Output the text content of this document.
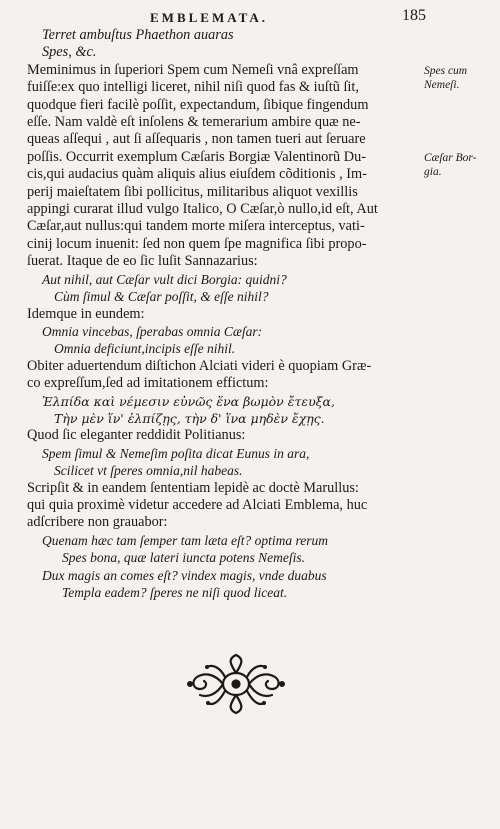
EMBLEMATA.	185
Terret ambuſtus Phaethon auaras
Spes, &c.
Meminimus in ſuperiori Spem cum Nemeſi vnâ expreſſam
fuiſſe:ex quo intelligi liceret, nihil niſi quod fas & iuſtũ ſit,
quodque fieri facilè poſſit, expectandum, ſibique fingendum
eſſe. Nam valdè eſt inſolens & temerarium ambire quæ ne-
queas aſſequi , aut ſi aſſequaris , non tamen tueri aut ſeruare
poſſis. Occurrit exemplum Cæſaris Borgiæ Valentinorũ Du-
cis,qui audacius quàm aliquis alius eiuſdem cõditionis , Im-
perij maieſtatem ſibi pollicitus, militaribus aliquot vexillis
appingi curarat illud vulgo Italico, O Cæſar,ò nullo,id eſt, Aut
Cæſar,aut nullus:qui tandem morte miſera interceptus, vati-
cinij locum inuenit: ſed non quem ſpe magnifica ſibi propo-
ſuerat. Itaque de eo ſic luſit Sannazarius:
Aut nihil, aut Cæſar vult dici Borgia: quidni?
Cùm ſimul & Cæſar poſſit, & eſſe nihil?
Idemque in eundem:
Omnia vincebas, ſperabas omnia Cæſar:
Omnia deficiunt,incipis eſſe nihil.
Obiter aduertendum diſtichon Alciati videri è quopiam Græ-
co expreſſum,ſed ad imitationem effictum:
Ἐλπίδα καὶ νέμεσιν εὐνῶς ἕνα βωμὸν ἔτευξα,
Τὴν μὲν ἵν' ἐλπίζῃς, τὴν δ' ἵνα μηδὲν ἔχῃς.
Quod ſic eleganter reddidit Politianus:
Spem ſimul & Nemeſim poſita dicat Eunus in ara,
Scilicet vt ſperes omnia,nil habeas.
Scripſit & in eandem ſententiam lepidè ac doctè Marullus:
qui quia proximè videtur accedere ad Alciati Emblema, huc
adſcribere non grauabor:
Quenam hæc tam ſemper tam læta eſt? optima rerum
Spes bona, quæ lateri iuncta potens Nemeſis.
Dux magis an comes eſt? vindex magis, vnde duabus
Templa eadem? ſperes ne niſi quod liceat.
Spes cum
Nemeſi.
Cæſar Bor-
gia.
